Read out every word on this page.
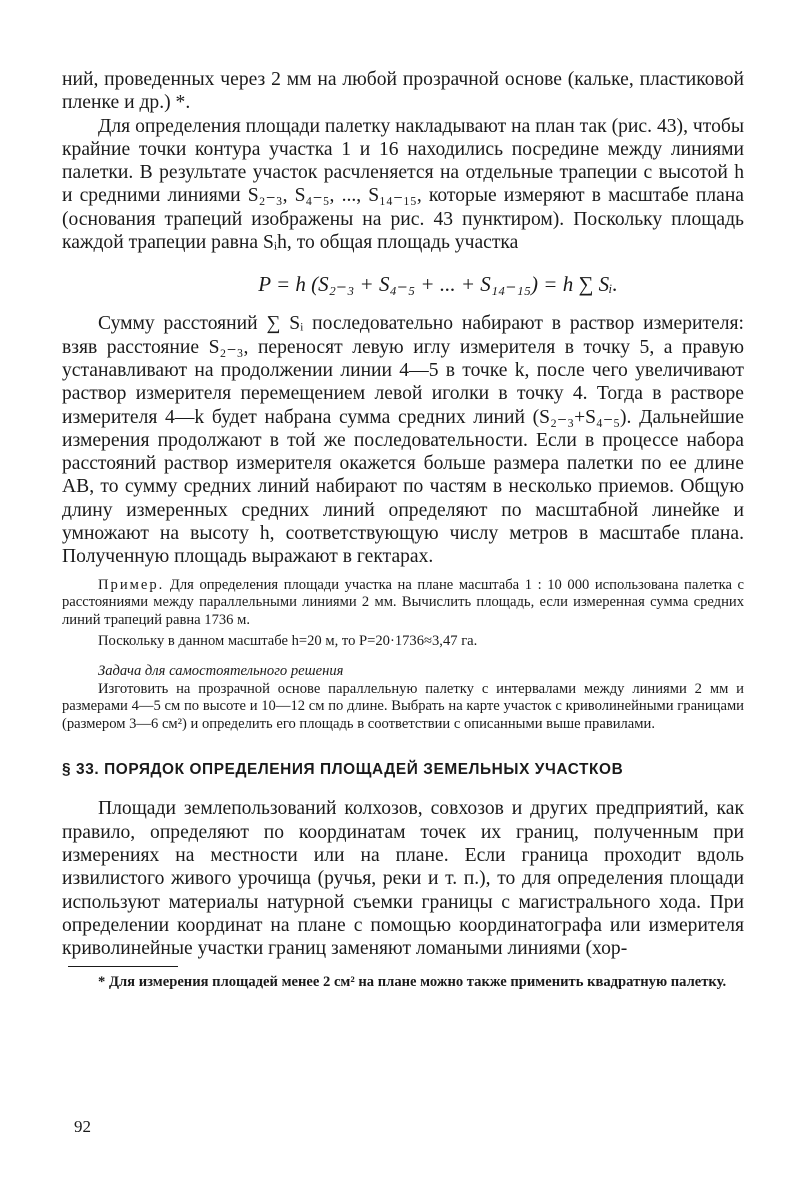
ний, проведенных через 2 мм на любой прозрачной основе (кальке, пластиковой пленке и др.) *.

Для определения площади палетку накладывают на план так (рис. 43), чтобы крайние точки контура участка 1 и 16 находились посредине между линиями палетки. В результате участок расчленяется на отдельные трапеции с высотой h и средними линиями S₂₋₃, S₄₋₅, ..., S₁₄₋₁₅, которые измеряют в масштабе плана (основания трапеций изображены на рис. 43 пунктиром). Поскольку площадь каждой трапеции равна Sᵢh, то общая площадь участка

P = h (S₂₋₃ + S₄₋₅ + ... + S₁₄₋₁₅) = h ∑ Sᵢ.

Сумму расстояний ∑ Sᵢ последовательно набирают в раствор измерителя: взяв расстояние S₂₋₃, переносят левую иглу измерителя в точку 5, а правую устанавливают на продолжении линии 4—5 в точке k, после чего увеличивают раствор измерителя перемещением левой иголки в точку 4. Тогда в растворе измерителя 4—k будет набрана сумма средних линий (S₂₋₃+S₄₋₅). Дальнейшие измерения продолжают в той же последовательности. Если в процессе набора расстояний раствор измерителя окажется больше размера палетки по ее длине AB, то сумму средних линий набирают по частям в несколько приемов. Общую длину измеренных средних линий определяют по масштабной линейке и умножают на высоту h, соответствующую числу метров в масштабе плана. Полученную площадь выражают в гектарах.

Пример. Для определения площади участка на плане масштаба 1 : 10 000 использована палетка с расстояниями между параллельными линиями 2 мм. Вычислить площадь, если измеренная сумма средних линий трапеций равна 1736 м.

Поскольку в данном масштабе h=20 м, то P=20·1736≈3,47 га.

Задача для самостоятельного решения

Изготовить на прозрачной основе параллельную палетку с интервалами между линиями 2 мм и размерами 4—5 см по высоте и 10—12 см по длине. Выбрать на карте участок с криволинейными границами (размером 3—6 см²) и определить его площадь в соответствии с описанными выше правилами.

§ 33. ПОРЯДОК ОПРЕДЕЛЕНИЯ ПЛОЩАДЕЙ ЗЕМЕЛЬНЫХ УЧАСТКОВ

Площади землепользований колхозов, совхозов и других предприятий, как правило, определяют по координатам точек их границ, полученным при измерениях на местности или на плане. Если граница проходит вдоль извилистого живого урочища (ручья, реки и т. п.), то для определения площади используют материалы натурной съемки границы с магистрального хода. При определении координат на плане с помощью координатографа или измерителя криволинейные участки границ заменяют ломаными линиями (хор-

* Для измерения площадей менее 2 см² на плане можно также применить квадратную палетку.

92
